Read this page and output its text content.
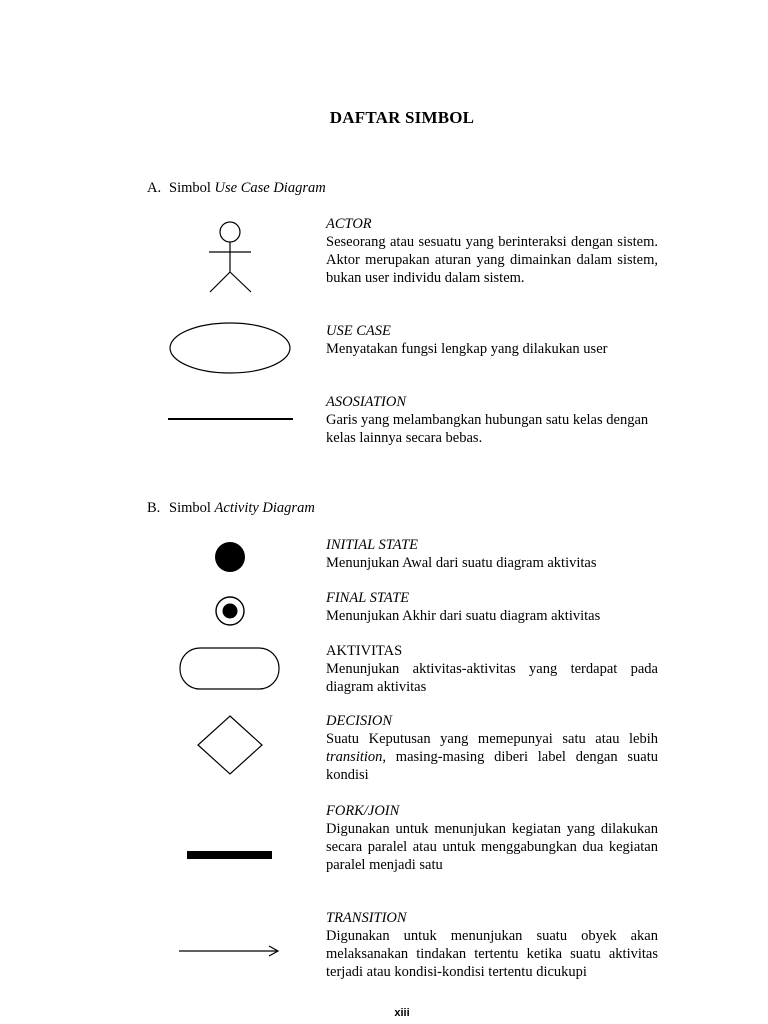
DAFTAR SIMBOL
A. Simbol Use Case Diagram
ACTOR
Seseorang atau sesuatu yang berinteraksi dengan sistem. Aktor merupakan aturan yang dimainkan dalam sistem, bukan user individu dalam sistem.
USE CASE
Menyatakan fungsi lengkap yang dilakukan user
ASOSIATION
Garis yang melambangkan hubungan satu kelas dengan kelas lainnya secara bebas.
B. Simbol Activity Diagram
INITIAL STATE
Menunjukan Awal dari suatu diagram aktivitas
FINAL STATE
Menunjukan Akhir dari suatu diagram aktivitas
AKTIVITAS
Menunjukan aktivitas-aktivitas yang terdapat pada diagram aktivitas
DECISION
Suatu Keputusan yang memepunyai satu atau lebih transition, masing-masing diberi label dengan suatu kondisi
FORK/JOIN
Digunakan untuk menunjukan kegiatan yang dilakukan secara paralel atau untuk menggabungkan dua kegiatan paralel menjadi satu
TRANSITION
Digunakan untuk menunjukan suatu obyek akan melaksanakan tindakan tertentu ketika suatu aktivitas terjadi atau kondisi-kondisi tertentu dicukupi
xiii
